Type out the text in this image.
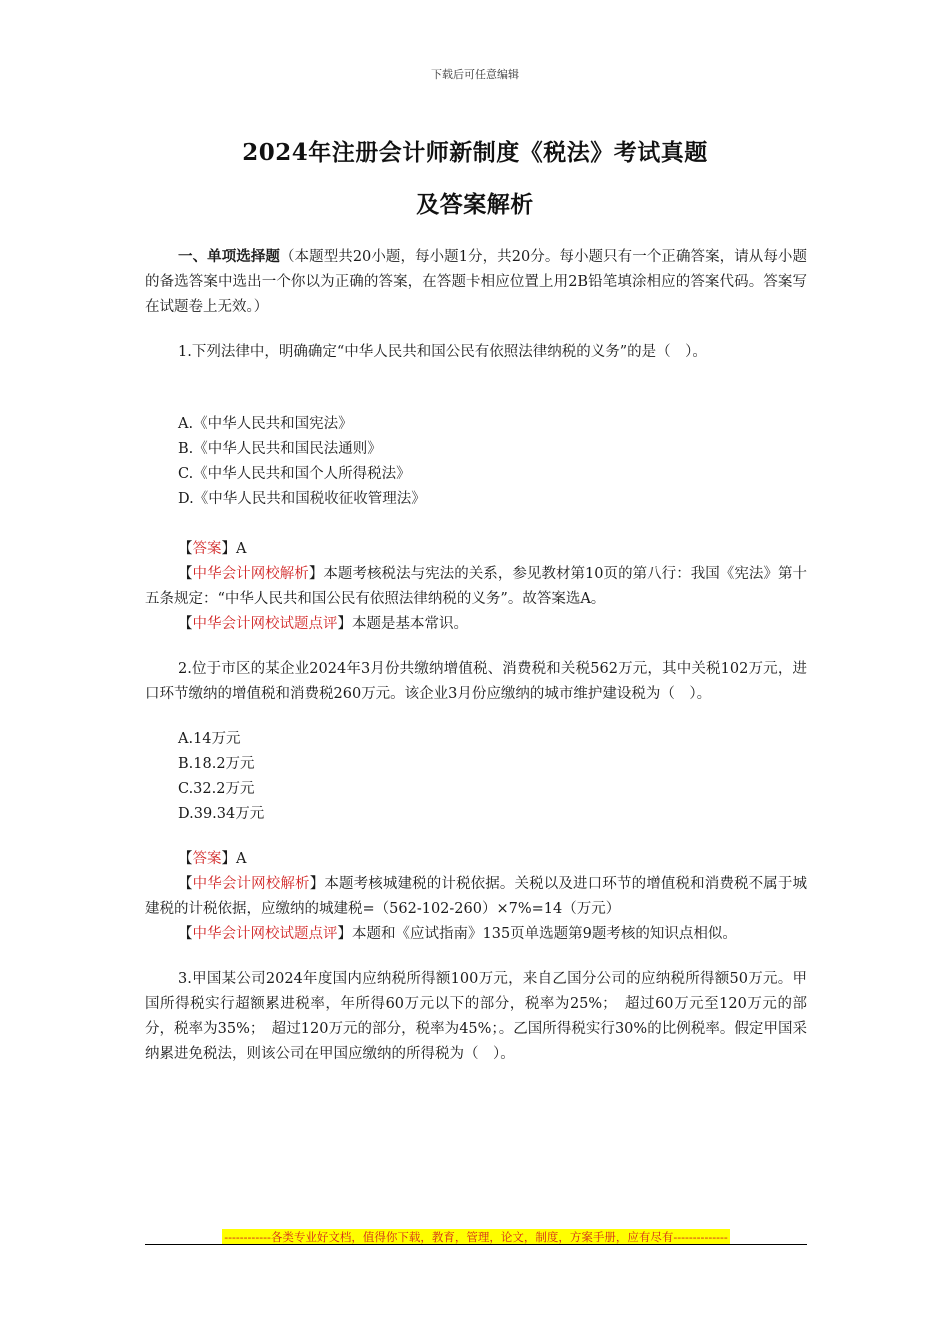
下载后可任意编辑
2024年注册会计师新制度《税法》考试真题
及答案解析

一、单项选择题（本题型共20小题，每小题1分，共20分。每小题只有一个正确答案，请从每小题的备选答案中选出一个你以为正确的答案，在答题卡相应位置上用2B铅笔填涂相应的答案代码。答案写在试题卷上无效。）

1.下列法律中，明确确定“中华人民共和国公民有依照法律纳税的义务”的是（　）。

A.《中华人民共和国宪法》

B.《中华人民共和国民法通则》

C.《中华人民共和国个人所得税法》

D.《中华人民共和国税收征收管理法》

【答案】A

【中华会计网校解析】本题考核税法与宪法的关系，参见教材第10页的第八行：我国《宪法》第十五条规定：“中华人民共和国公民有依照法律纳税的义务”。故答案选A。

【中华会计网校试题点评】本题是基本常识。

2.位于市区的某企业2024年3月份共缴纳增值税、消费税和关税562万元，其中关税102万元，进口环节缴纳的增值税和消费税260万元。该企业3月份应缴纳的城市维护建设税为（　）。

A.14万元

B.18.2万元

C.32.2万元

D.39.34万元

【答案】A

【中华会计网校解析】本题考核城建税的计税依据。关税以及进口环节的增值税和消费税不属于城建税的计税依据，应缴纳的城建税=（562-102-260）×7%=14（万元）

【中华会计网校试题点评】本题和《应试指南》135页单选题第9题考核的知识点相似。

3.甲国某公司2024年度国内应纳税所得额100万元，来自乙国分公司的应纳税所得额50万元。甲国所得税实行超额累进税率，年所得60万元以下的部分，税率为25%；　超过60万元至120万元的部分，税率为35%；　超过120万元的部分，税率为45%；。乙国所得税实行30%的比例税率。假定甲国采纳累进免税法，则该公司在甲国应缴纳的所得税为（　）。

------------各类专业好文档，值得你下载，教育，管理，论文，制度，方案手册，应有尽有--------------
